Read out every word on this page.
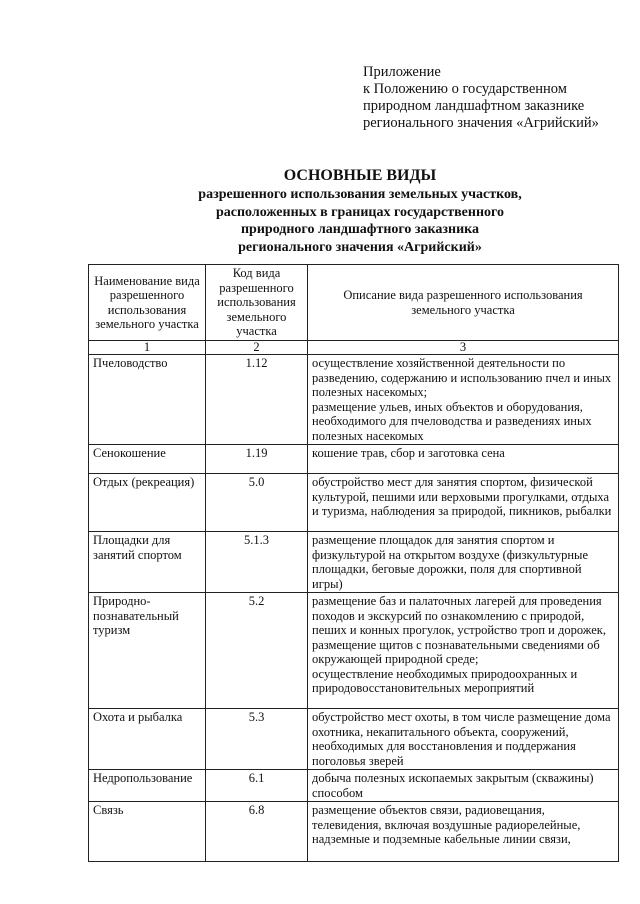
Приложение
к Положению о государственном
природном ландшафтном заказнике
регионального значения «Агрийский»
ОСНОВНЫЕ ВИДЫ
разрешенного использования земельных участков,
расположенных в границах государственного
природного ландшафтного заказника
регионального значения «Агрийский»
Наименование вида разрешенного использования земельного участка	Код вида разрешенного использования земельного участка	Описание вида разрешенного использования земельного участка
1	2	3
Пчеловодство	1.12	осуществление хозяйственной деятельности по разведению, содержанию и использованию пчел и иных полезных насекомых;
размещение ульев, иных объектов и оборудования, необходимого для пчеловодства и разведениях иных полезных насекомых
Сенокошение	1.19	кошение трав, сбор и заготовка сена
Отдых (рекреация)	5.0	обустройство мест для занятия спортом, физической культурой, пешими или верховыми прогулками, отдыха и туризма, наблюдения за природой, пикников, рыбалки
Площадки для занятий спортом	5.1.3	размещение площадок для занятия спортом и физкультурой на открытом воздухе (физкультурные площадки, беговые дорожки, поля для спортивной игры)
Природно-познавательный туризм	5.2	размещение баз и палаточных лагерей для проведения походов и экскурсий по ознакомлению с природой, пеших и конных прогулок, устройство троп и дорожек, размещение щитов с познавательными сведениями об окружающей природной среде;
осуществление необходимых природоохранных и природовосстановительных мероприятий
Охота и рыбалка	5.3	обустройство мест охоты, в том числе размещение дома охотника, некапитального объекта, сооружений, необходимых для восстановления и поддержания поголовья зверей
Недропользование	6.1	добыча полезных ископаемых закрытым (скважины) способом
Связь	6.8	размещение объектов связи, радиовещания, телевидения, включая воздушные радиорелейные, надземные и подземные кабельные линии связи,
